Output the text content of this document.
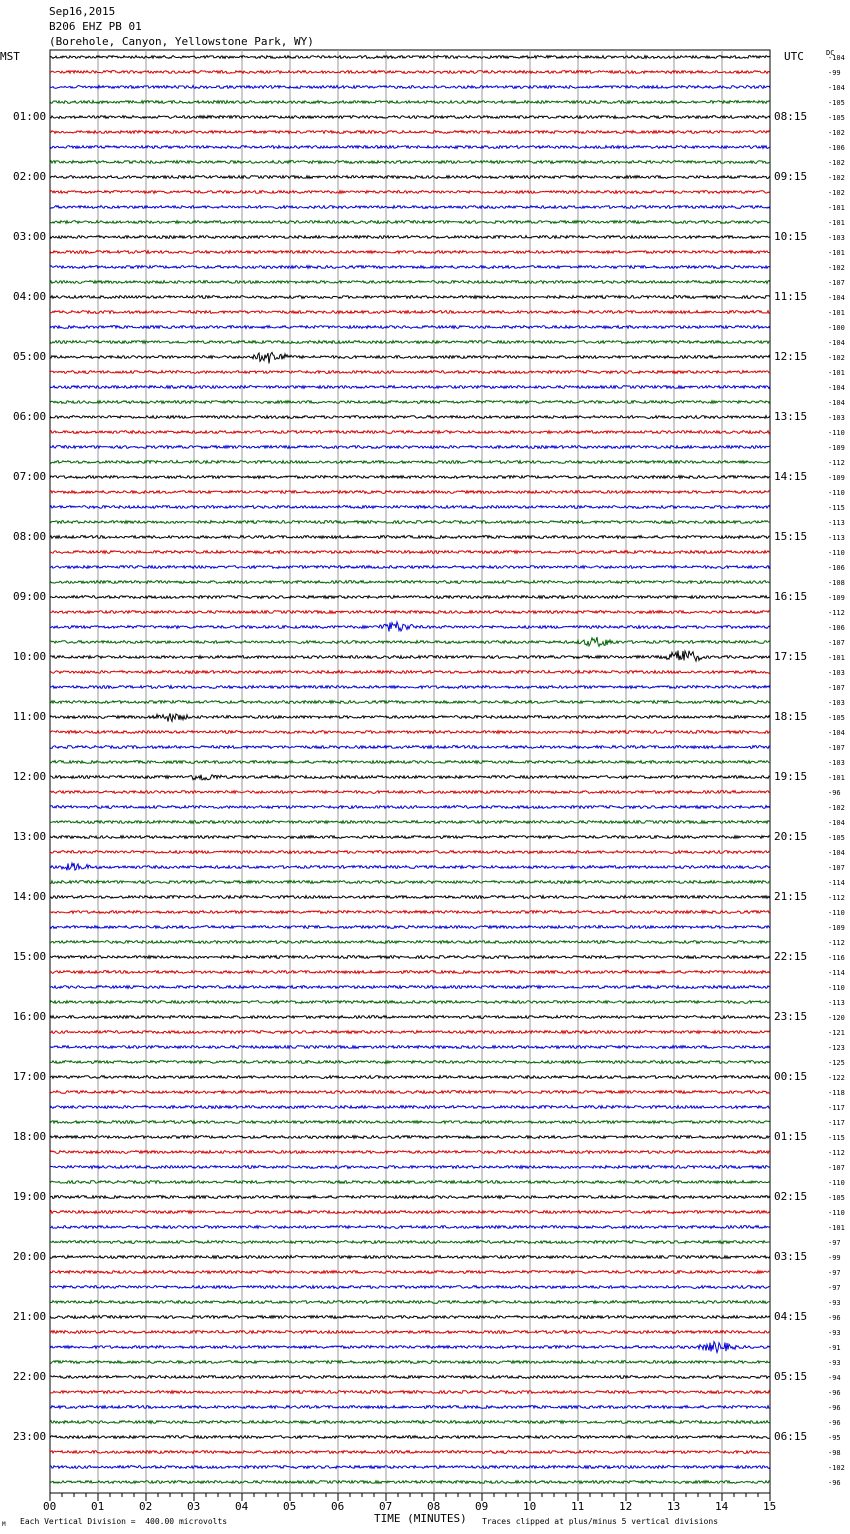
Sep16,2015
B206 EHZ PB 01
(Borehole, Canyon, Yellowstone Park, WY)
MST	UTC	DC
00	01	02	03	04	05	06	07	08	09	10	11	12	13	14	15
01:00
02:00
03:00
04:00
05:00
06:00
07:00
08:00
09:00
10:00
11:00
12:00
13:00
14:00
15:00
16:00
17:00
18:00
19:00
20:00
21:00
22:00
23:00
08:15
09:15
10:15
11:15
12:15
13:15
14:15
15:15
16:15
17:15
18:15
19:15
20:15
21:15
22:15
23:15
00:15
01:15
02:15
03:15
04:15
05:15
06:15
-104
-99
-104
-105
-105
-102
-106
-102
-102
-102
-101
-101
-103
-101
-102
-107
-104
-101
-100
-104
-102
-101
-104
-104
-103
-110
-109
-112
-109
-110
-115
-113
-113
-110
-106
-108
-109
-112
-106
-107
-101
-103
-107
-103
-105
-104
-107
-103
-101
-96
-102
-104
-105
-104
-107
-114
-112
-110
-109
-112
-116
-114
-110
-113
-120
-121
-123
-125
-122
-118
-117
-117
-115
-112
-107
-110
-105
-110
-101
-97
-99
-97
-97
-93
-96
-93
-91
-93
-94
-96
-96
-96
-95
-98
-102
-96
M Each Vertical Division =  400.00 microvolts	TIME (MINUTES) Traces clipped at plus/minus 5 vertical divisions
